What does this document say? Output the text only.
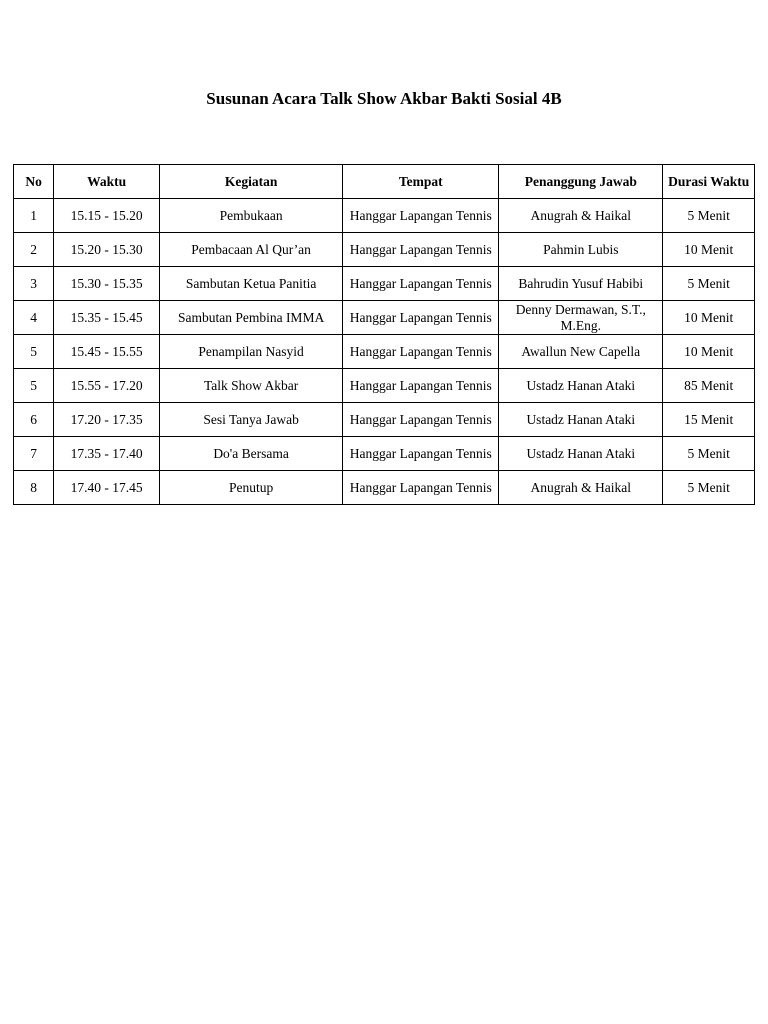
Susunan Acara Talk Show Akbar Bakti Sosial 4B
No	Waktu	Kegiatan	Tempat	Penanggung Jawab	Durasi Waktu
1	15.15 - 15.20	Pembukaan	Hanggar Lapangan Tennis	Anugrah & Haikal	5 Menit
2	15.20 - 15.30	Pembacaan Al Qur’an	Hanggar Lapangan Tennis	Pahmin Lubis	10 Menit
3	15.30 - 15.35	Sambutan Ketua Panitia	Hanggar Lapangan Tennis	Bahrudin Yusuf Habibi	5 Menit
4	15.35 - 15.45	Sambutan Pembina IMMA	Hanggar Lapangan Tennis	Denny Dermawan, S.T., M.Eng.	10 Menit
5	15.45 - 15.55	Penampilan Nasyid	Hanggar Lapangan Tennis	Awallun New Capella	10 Menit
5	15.55 - 17.20	Talk Show Akbar	Hanggar Lapangan Tennis	Ustadz Hanan Ataki	85 Menit
6	17.20 - 17.35	Sesi Tanya Jawab	Hanggar Lapangan Tennis	Ustadz Hanan Ataki	15 Menit
7	17.35 - 17.40	Do'a Bersama	Hanggar Lapangan Tennis	Ustadz Hanan Ataki	5 Menit
8	17.40 - 17.45	Penutup	Hanggar Lapangan Tennis	Anugrah & Haikal	5 Menit
